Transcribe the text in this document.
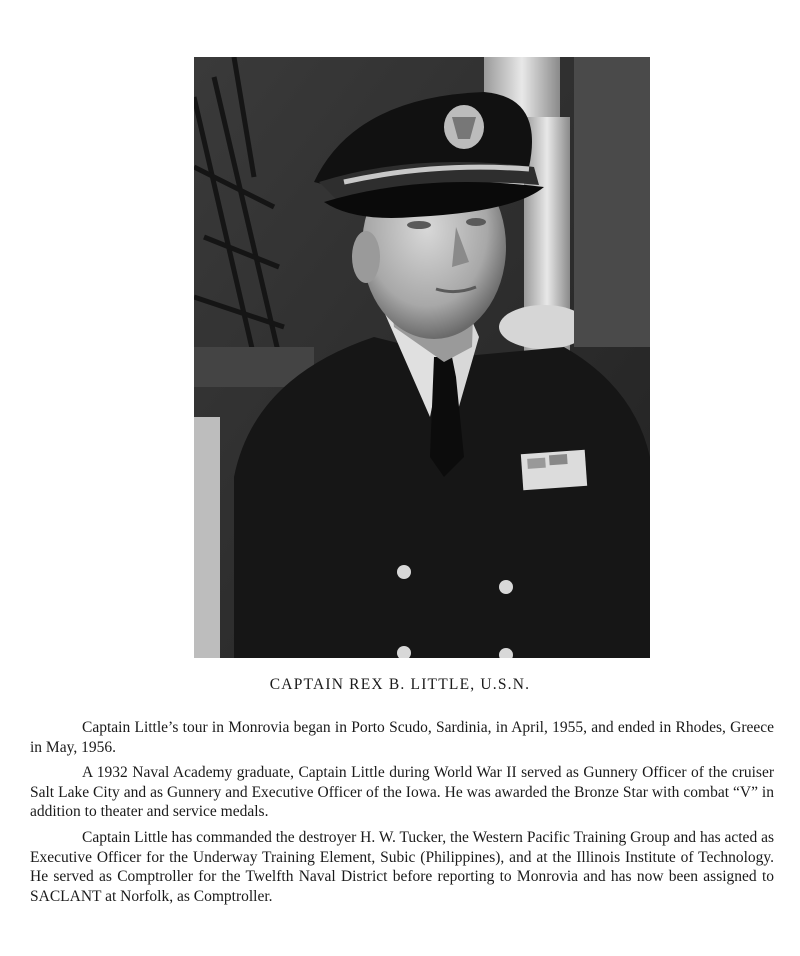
CAPTAIN REX B. LITTLE, U.S.N.

Captain Little’s tour in Monrovia began in Porto Scudo, Sardinia, in April, 1955, and ended in Rhodes, Greece in May, 1956.

A 1932 Naval Academy graduate, Captain Little during World War II served as Gunnery Officer of the cruiser Salt Lake City and as Gunnery and Executive Officer of the Iowa. He was awarded the Bronze Star with combat “V” in addition to theater and service medals.

Captain Little has commanded the destroyer H. W. Tucker, the Western Pacific Training Group and has acted as Executive Officer for the Underway Training Element, Subic (Philippines), and at the Illinois Institute of Technology. He served as Comptroller for the Twelfth Naval District before reporting to Monrovia and has now been assigned to SACLANT at Norfolk, as Comptroller.
